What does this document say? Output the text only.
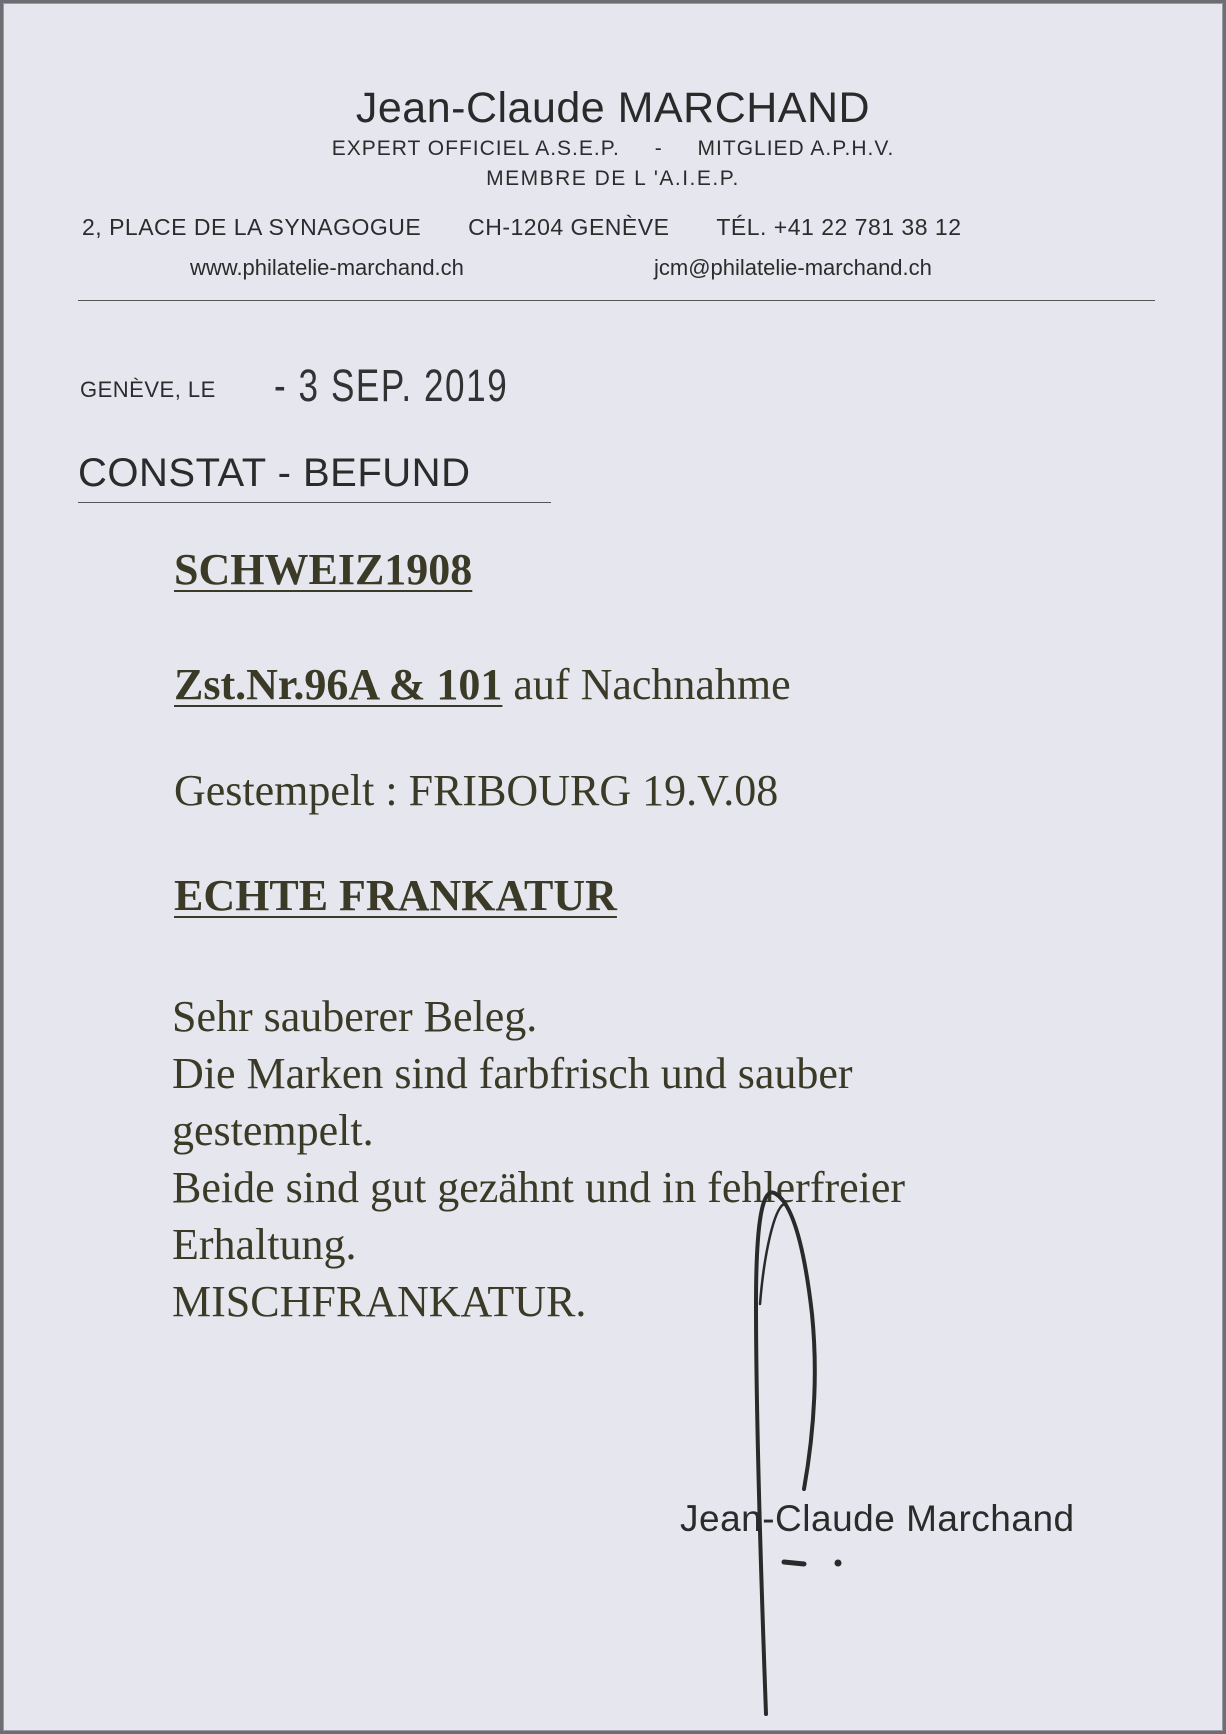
Jean-Claude MARCHAND
EXPERT OFFICIEL A.S.E.P. - MITGLIED A.P.H.V.
MEMBRE DE L 'A.I.E.P.
2, PLACE DE LA SYNAGOGUE CH-1204 GENÈVE TÉL. +41 22 781 38 12
www.philatelie-marchand.ch	jcm@philatelie-marchand.ch
GENÈVE, LE - 3 SEP. 2019
CONSTAT - BEFUND
SCHWEIZ1908
Zst.Nr.96A & 101 auf Nachnahme
Gestempelt : FRIBOURG 19.V.08
ECHTE FRANKATUR
Sehr sauberer Beleg.
Die Marken sind farbfrisch und sauber
gestempelt.
Beide sind gut gezähnt und in fehlerfreier
Erhaltung.
MISCHFRANKATUR.
Jean-Claude Marchand
